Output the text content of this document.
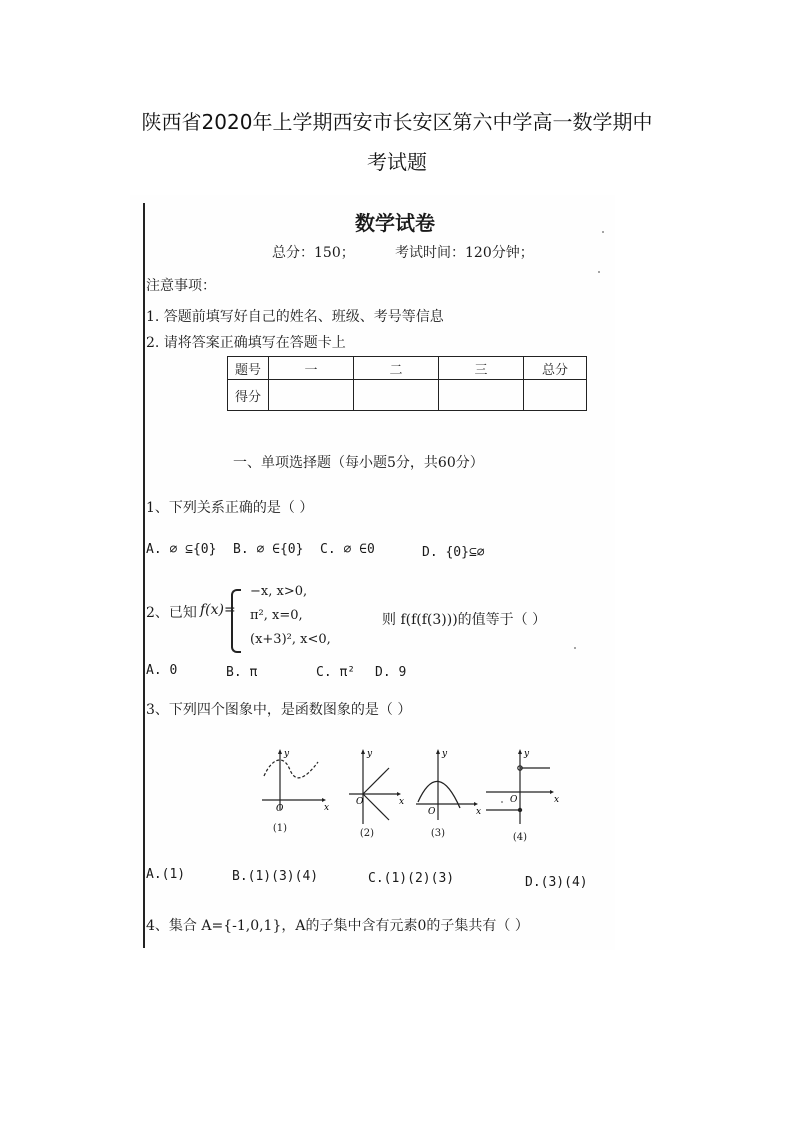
陕西省2020年上学期西安市长安区第六中学高一数学期中
考试题
数学试卷
总分：150；	考试时间：120分钟；
注意事项：
1. 答题前填写好自己的姓名、班级、考号等信息
2. 请将答案正确填写在答题卡上
题号	一	二	三	总分
得分				
一、单项选择题（每小题5分，共60分）
1、下列关系正确的是（ ）
A. ∅ ⊆{0} B. ∅ ∈{0} C. ∅ ∈0	D. {0}⊆∅
2、已知 f(x)=
−x, x>0,
π², x=0,
(x+3)², x<0,
则 f(f(f(3)))的值等于（ ）
A. 0	B. π	C. π² D. 9
3、下列四个图象中，是函数图象的是（ ）
O	x
y
(1)
O	x
y
(2)
O	x
y
(3)
O	x
y
(4)
A.(1)	B.(1)(3)(4)	C.(1)(2)(3)	D.(3)(4)
4、集合 A={-1,0,1}，A的子集中含有元素0的子集共有（ ）
